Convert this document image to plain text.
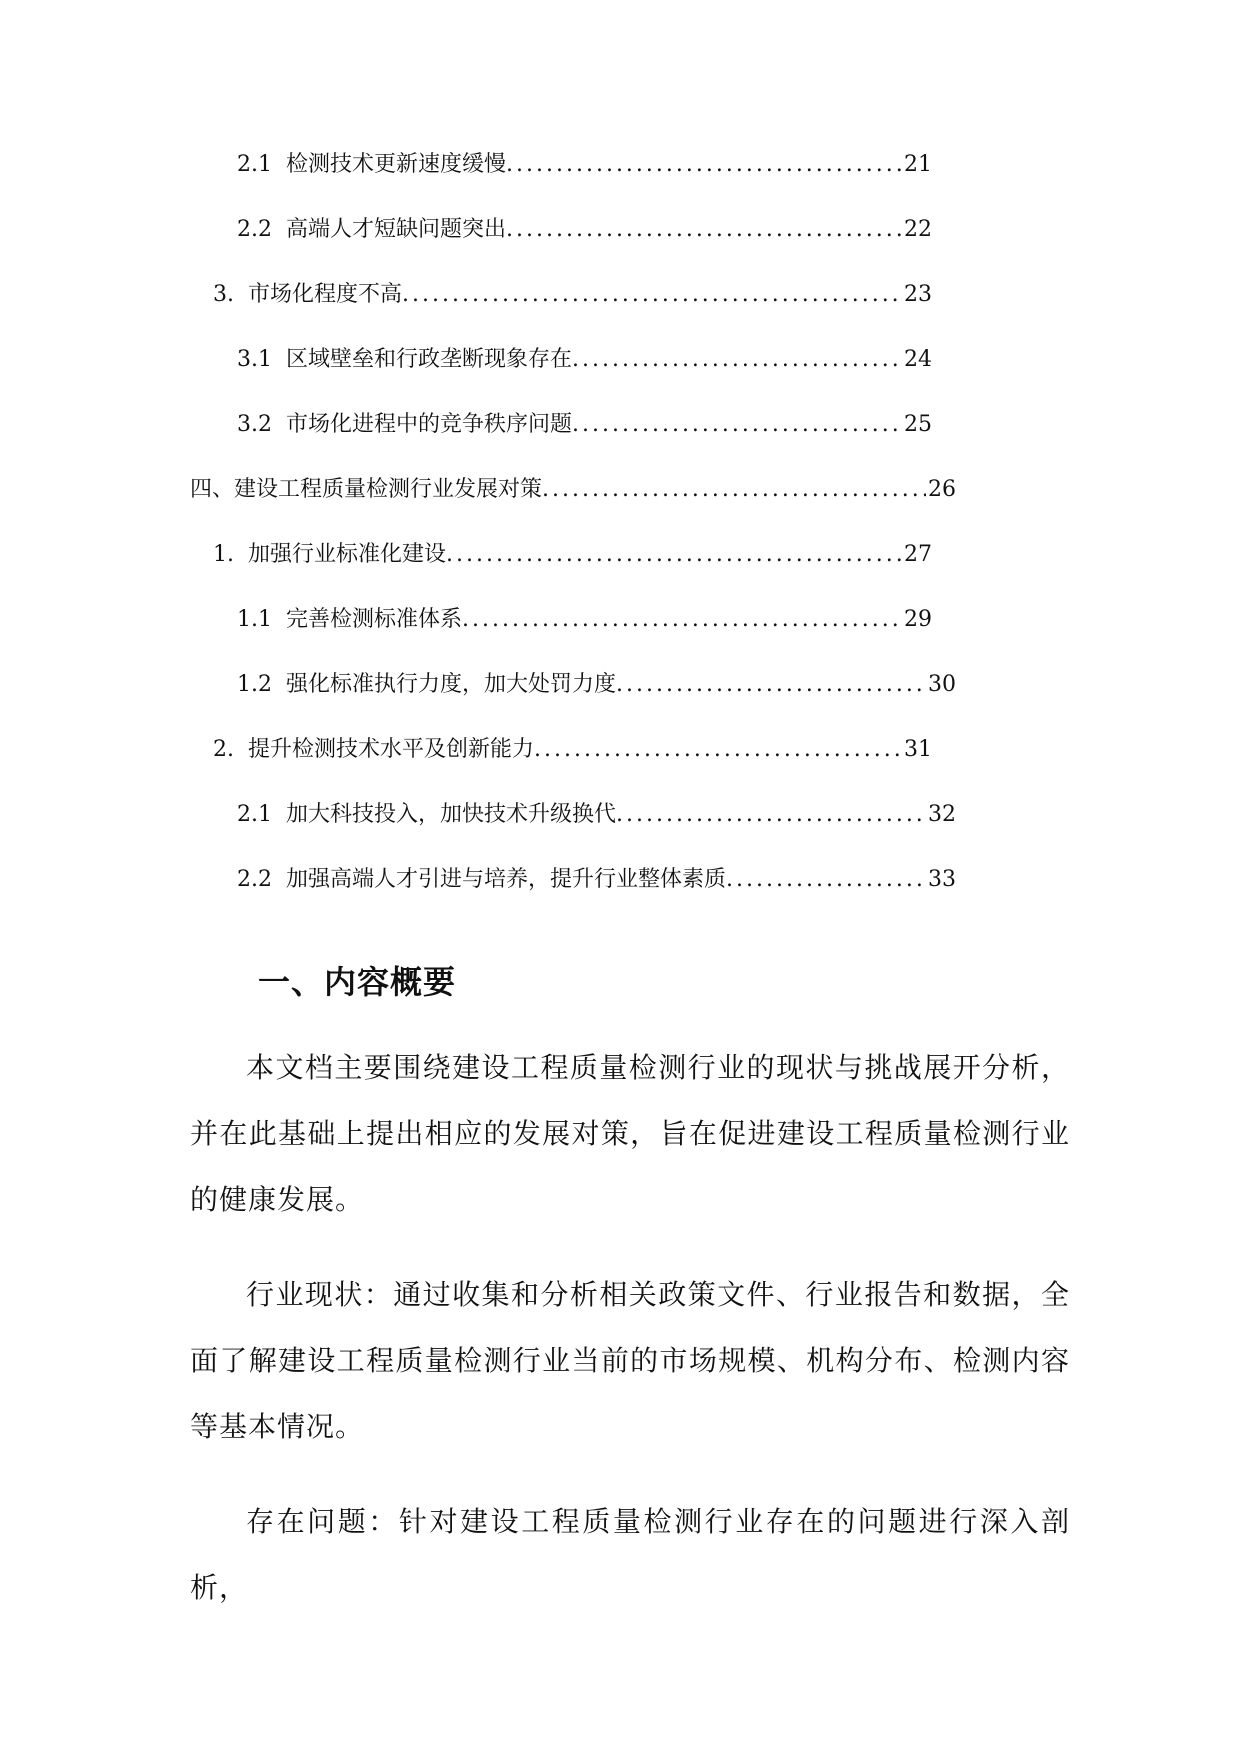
2.1 检测技术更新速度缓慢 .....	21
2.2 高端人才短缺问题突出 .....	22
3. 市场化程度不高 .....	23
3.1 区域壁垒和行政垄断现象存在 .....	24
3.2 市场化进程中的竞争秩序问题 .....	25
四、 建设工程质量检测行业发展对策 .....	26
1. 加强行业标准化建设 .....	27
1.1 完善检测标准体系 .....	29
1.2 强化标准执行力度，加大处罚力度 .....	30
2. 提升检测技术水平及创新能力 .....	31
2.1 加大科技投入，加快技术升级换代 .....	32
2.2 加强高端人才引进与培养，提升行业整体素质 .....	33
一、内容概要

本文档主要围绕建设工程质量检测行业的现状与挑战展开分析，并在此基础上提出相应的发展对策，旨在促进建设工程质量检测行业的健康发展。

行业现状：通过收集和分析相关政策文件、行业报告和数据，全面了解建设工程质量检测行业当前的市场规模、机构分布、检测内容等基本情况。

存在问题：针对建设工程质量检测行业存在的问题进行深入剖析，
